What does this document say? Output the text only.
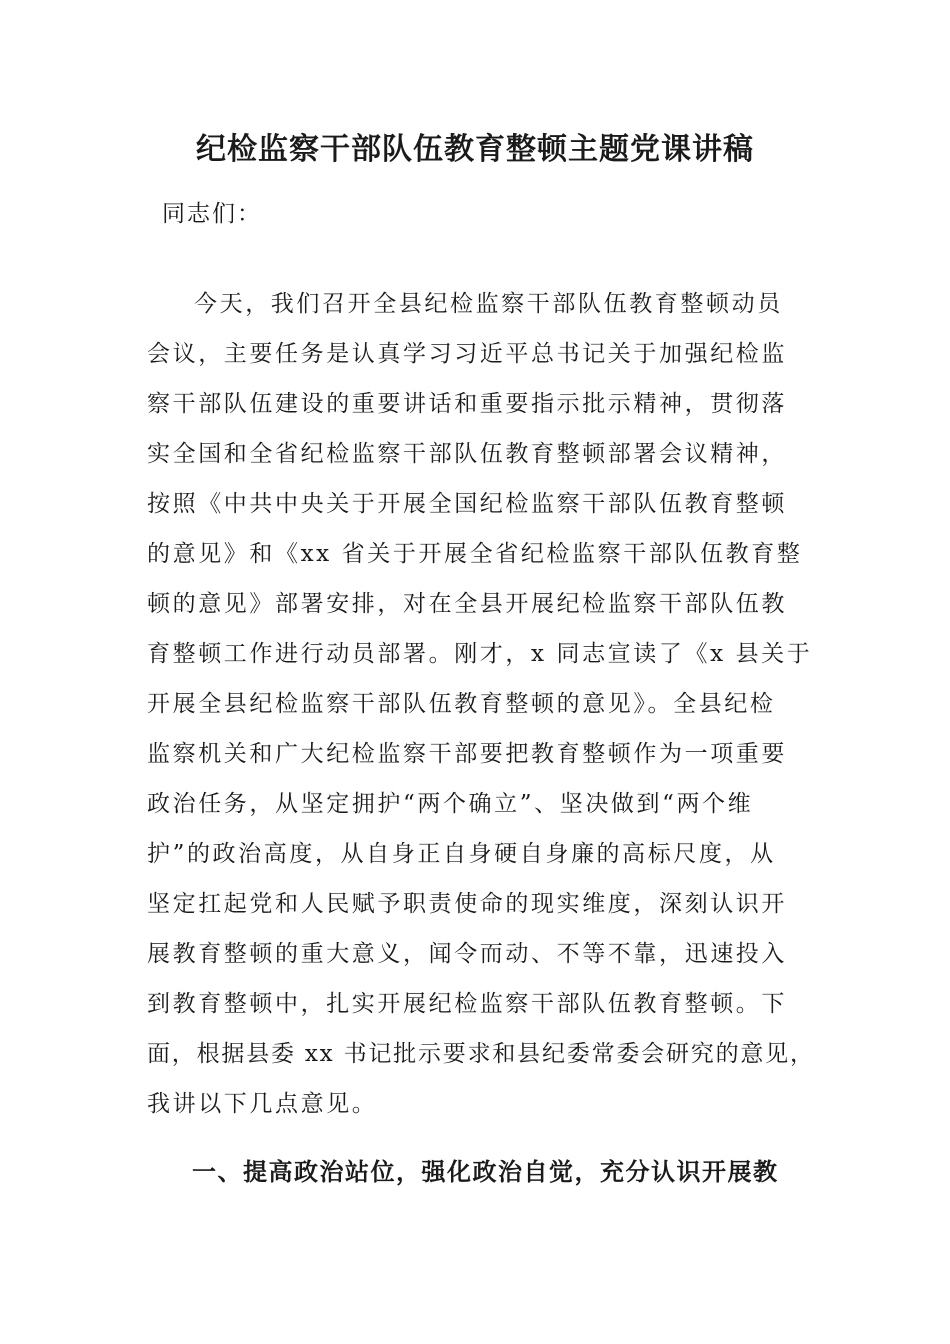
纪检监察干部队伍教育整顿主题党课讲稿
同志们：
今天，我们召开全县纪检监察干部队伍教育整顿动员
会议，主要任务是认真学习习近平总书记关于加强纪检监
察干部队伍建设的重要讲话和重要指示批示精神，贯彻落
实全国和全省纪检监察干部队伍教育整顿部署会议精神，
按照《中共中央关于开展全国纪检监察干部队伍教育整顿
的意见》和《xx 省关于开展全省纪检监察干部队伍教育整
顿的意见》部署安排，对在全县开展纪检监察干部队伍教
育整顿工作进行动员部署。刚才，x 同志宣读了《x 县关于
开展全县纪检监察干部队伍教育整顿的意见》。全县纪检
监察机关和广大纪检监察干部要把教育整顿作为一项重要
政治任务，从坚定拥护“两个确立”、坚决做到“两个维
护”的政治高度，从自身正自身硬自身廉的高标尺度，从
坚定扛起党和人民赋予职责使命的现实维度，深刻认识开
展教育整顿的重大意义，闻令而动、不等不靠，迅速投入
到教育整顿中，扎实开展纪检监察干部队伍教育整顿。下
面，根据县委 xx 书记批示要求和县纪委常委会研究的意见，
我讲以下几点意见。
一、提高政治站位，强化政治自觉，充分认识开展教
